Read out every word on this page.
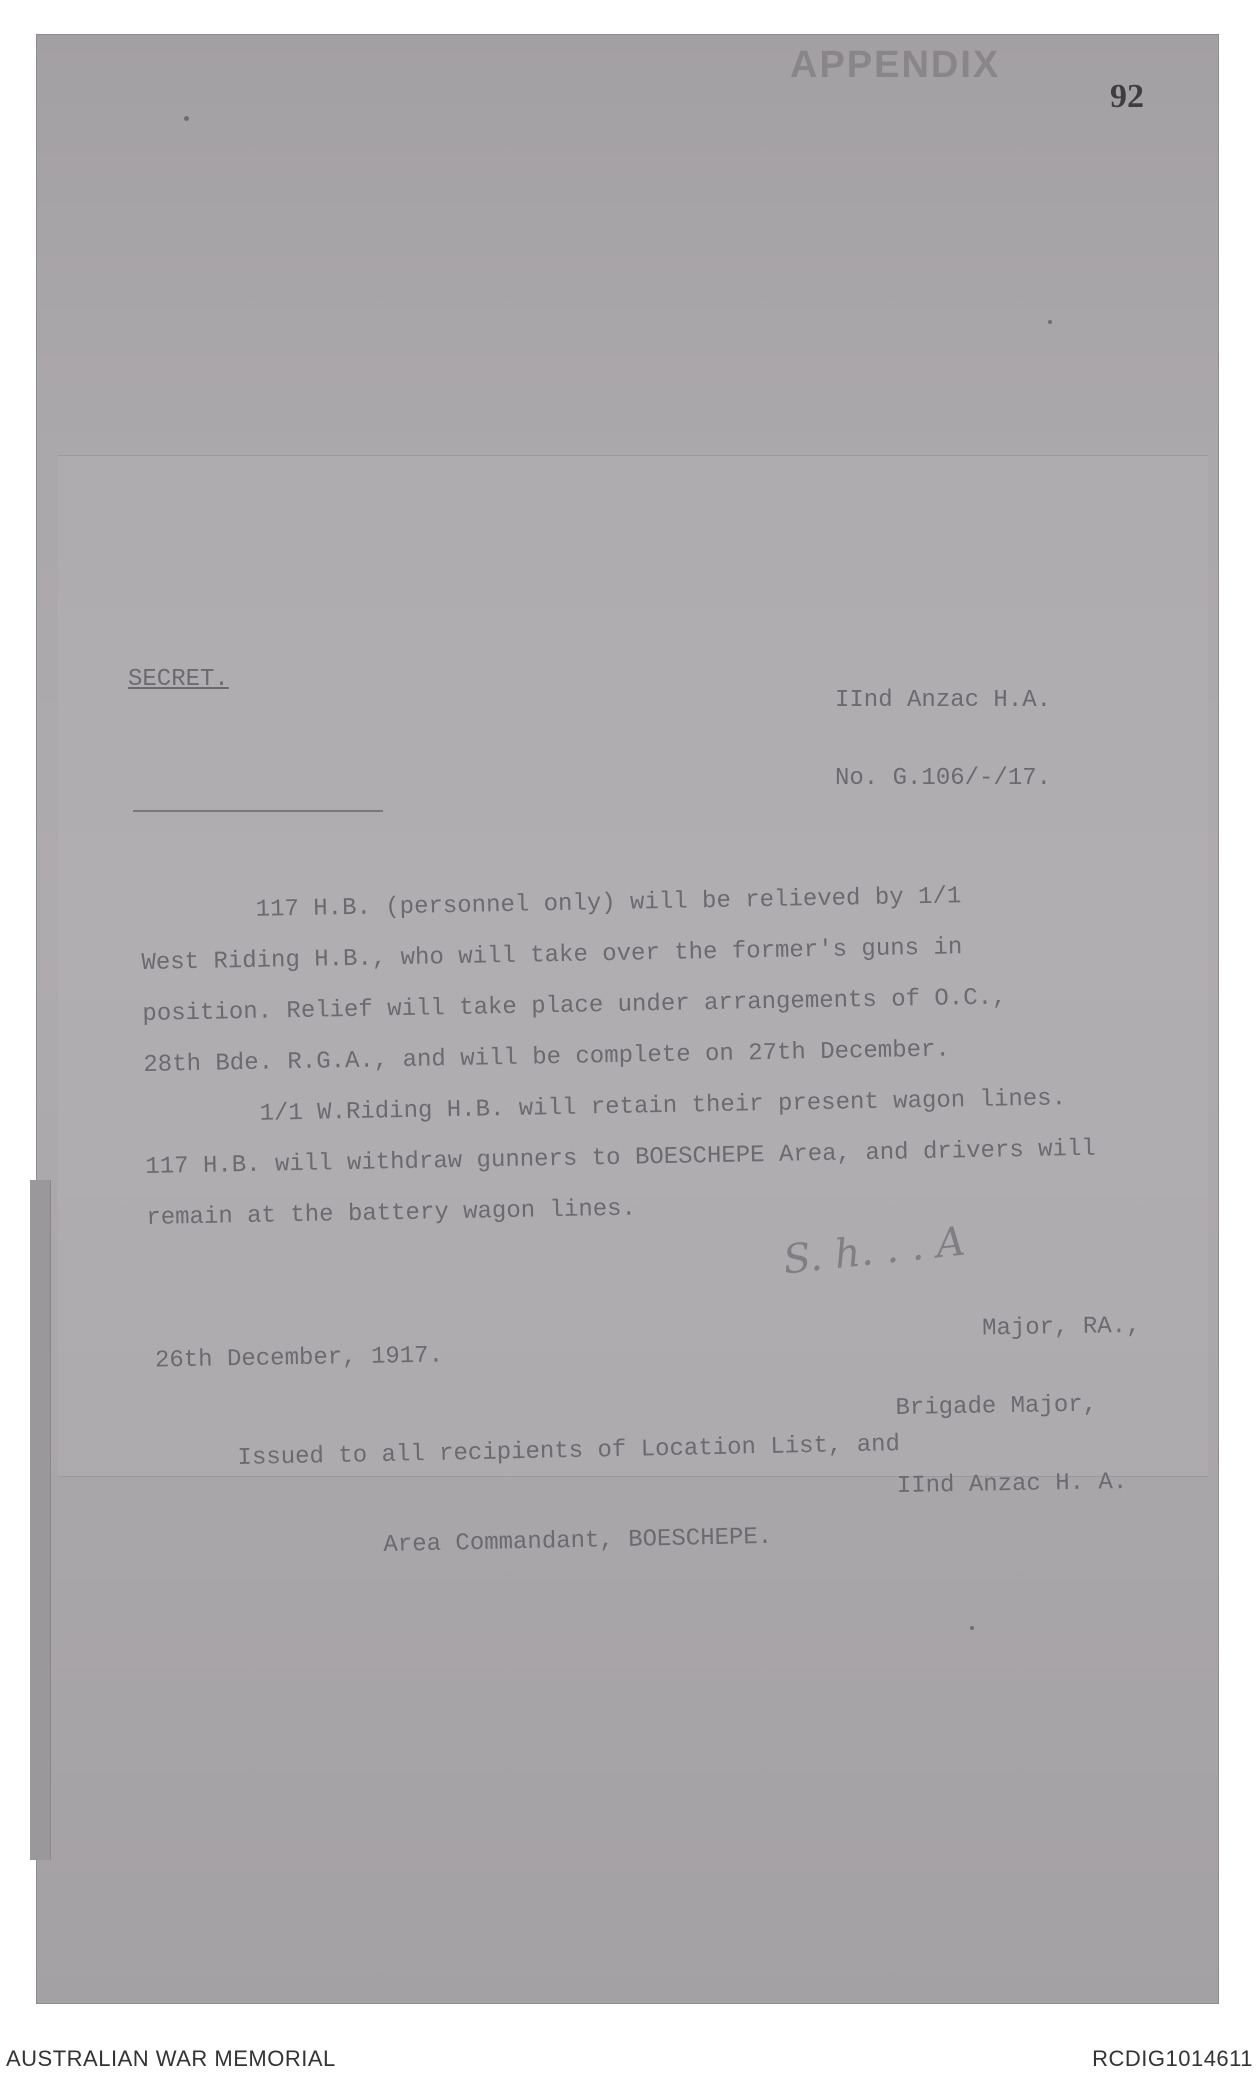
APPENDIX
92
SECRET.

IInd Anzac H.A.

No. G.106/-/17.

117 H.B. (personnel only) will be relieved by 1/1
West Riding H.B., who will take over the former's guns in
position. Relief will take place under arrangements of O.C.,
28th Bde. R.G.A., and will be complete on 27th December.
1/1 W.Riding H.B. will retain their present wagon lines.
117 H.B. will withdraw gunners to BOESCHEPE Area, and drivers will
remain at the battery wagon lines.
S. h. . . A

Major, RA.,

Brigade Major,

IInd Anzac H. A.

26th December, 1917.

Issued to all recipients of Location List, and

Area Commandant, BOESCHEPE.

AUSTRALIAN WAR MEMORIAL	RCDIG1014611
